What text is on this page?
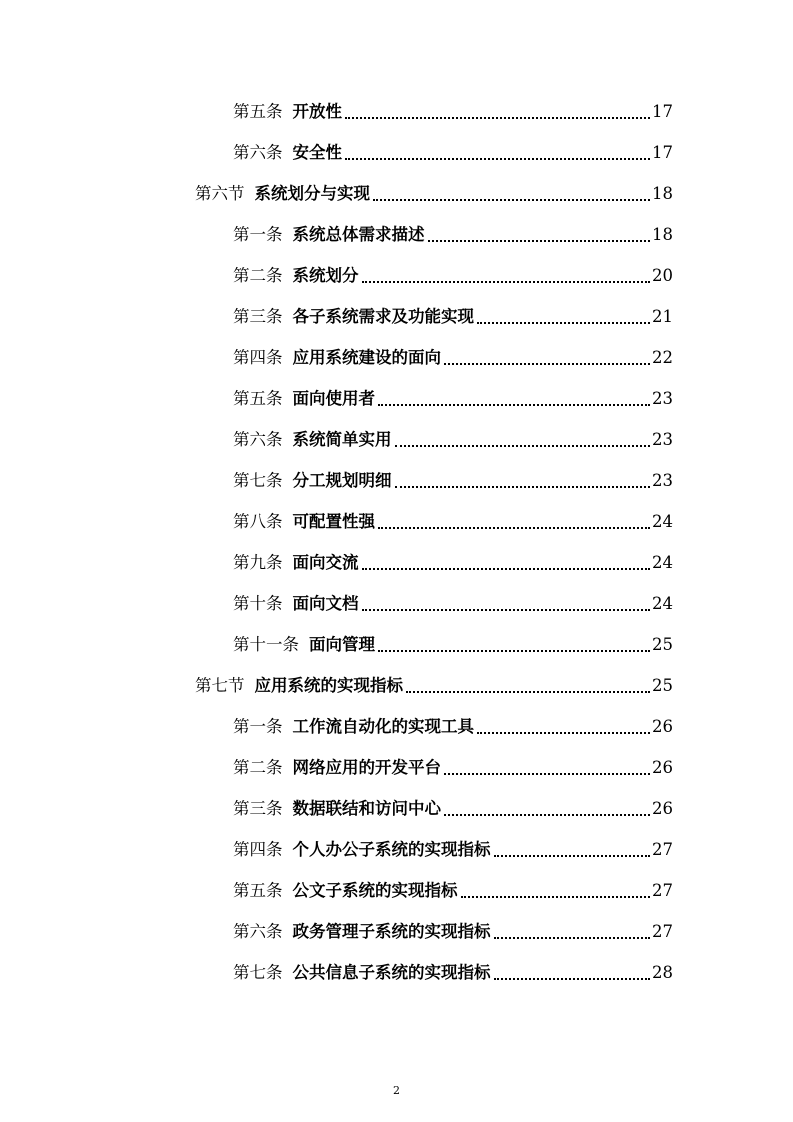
第五条 开放性	17
第六条 安全性	17
第六节 系统划分与实现	18
第一条 系统总体需求描述	18
第二条 系统划分	20
第三条 各子系统需求及功能实现	21
第四条 应用系统建设的面向	22
第五条 面向使用者	23
第六条 系统简单实用	23
第七条 分工规划明细	23
第八条 可配置性强	24
第九条 面向交流	24
第十条 面向文档	24
第十一条 面向管理	25
第七节 应用系统的实现指标	25
第一条 工作流自动化的实现工具	26
第二条 网络应用的开发平台	26
第三条 数据联结和访问中心	26
第四条 个人办公子系统的实现指标	27
第五条 公文子系统的实现指标	27
第六条 政务管理子系统的实现指标	27
第七条 公共信息子系统的实现指标	28
2
